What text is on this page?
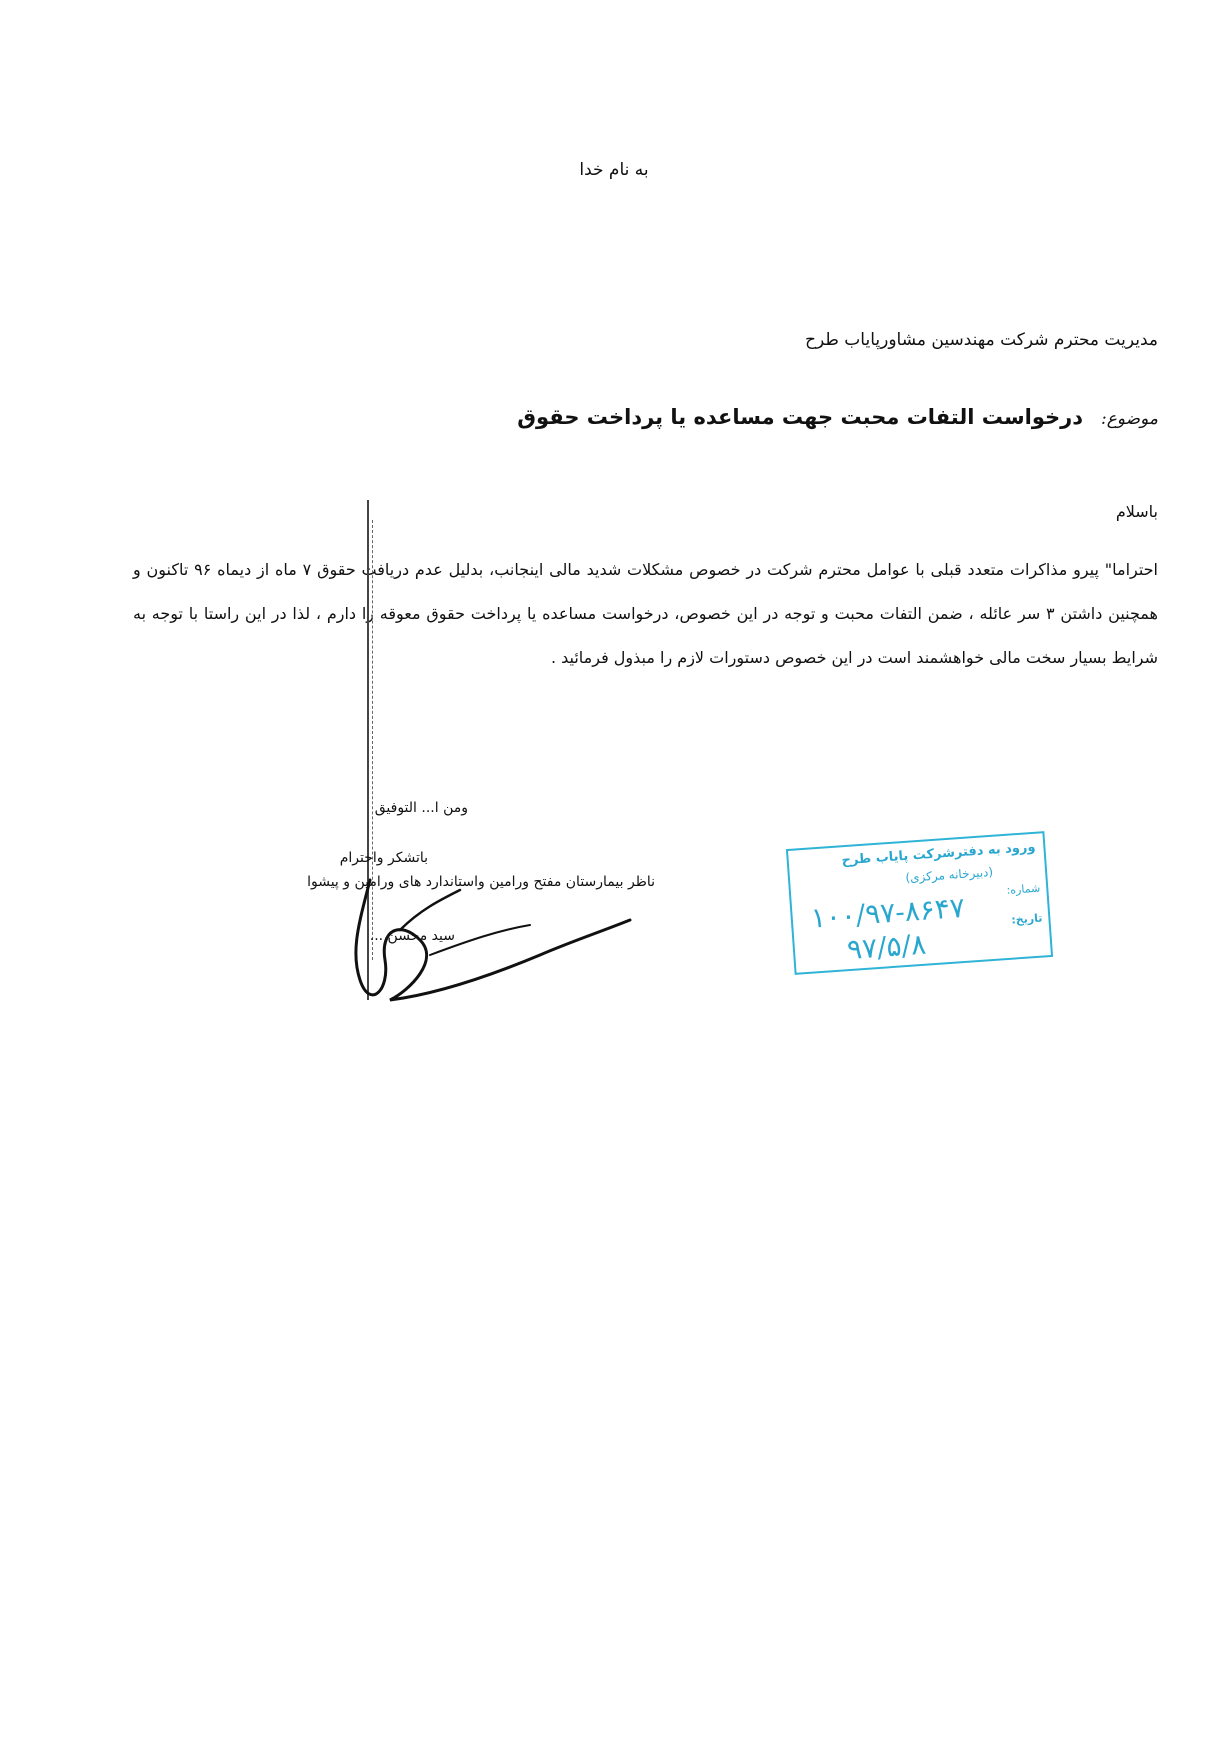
به نام خدا
مدیریت محترم شرکت مهندسین مشاورپایاب طرح
موضوع:
درخواست التفات محبت جهت مساعده یا پرداخت حقوق
باسلام
احتراما" پیرو مذاکرات متعدد قبلی با عوامل محترم شرکت در خصوص مشکلات شدید مالی اینجانب، بدلیل عدم دریافت حقوق ۷ ماه از دیماه ۹۶ تاکنون و همچنین داشتن ۳ سر عائله ، ضمن التفات محبت و توجه در این خصوص، درخواست مساعده یا پرداخت حقوق معوقه را دارم ، لذا در این راستا با توجه به شرایط بسیار سخت مالی خواهشمند است در این خصوص دستورات لازم را مبذول فرمائید .
ومن ا... التوفیق
باتشکر واحترام
ناظر بیمارستان مفتح ورامین واستاندارد های ورامین و پیشوا
سید محسن ...
ورود به دفترشرکت پایاب طرح
(دبیرخانه مرکزی)
شماره:
تاریخ:
۱۰۰/۹۷-۸۶۴۷
۹۷/۵/۸
